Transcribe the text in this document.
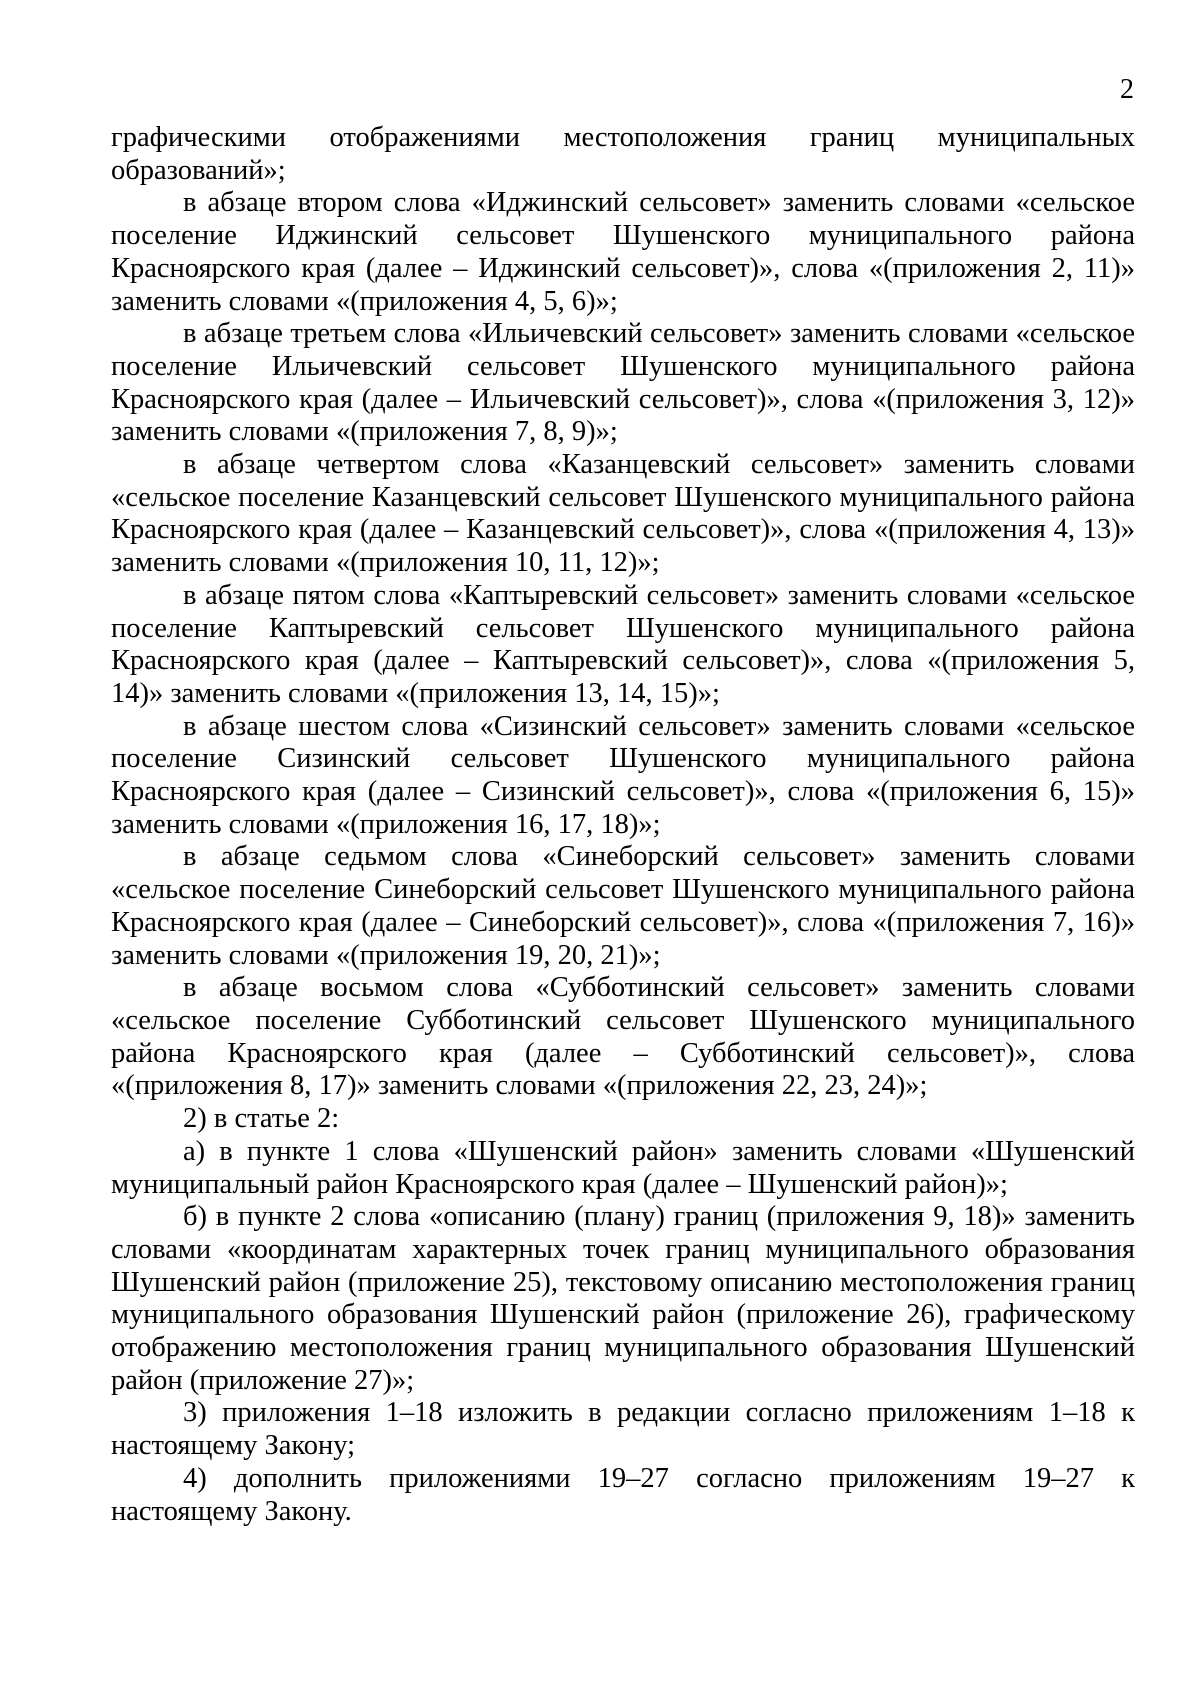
2

графическими отображениями местоположения границ муниципальных образований»;

в абзаце втором слова «Иджинский сельсовет» заменить словами «сельское поселение Иджинский сельсовет Шушенского муниципального района Красноярского края (далее – Иджинский сельсовет)», слова «(приложения 2, 11)» заменить словами «(приложения 4, 5, 6)»;

в абзаце третьем слова «Ильичевский сельсовет» заменить словами «сельское поселение Ильичевский сельсовет Шушенского муниципального района Красноярского края (далее – Ильичевский сельсовет)», слова «(приложения 3, 12)» заменить словами «(приложения 7, 8, 9)»;

в абзаце четвертом слова «Казанцевский сельсовет» заменить словами «сельское поселение Казанцевский сельсовет Шушенского муниципального района Красноярского края (далее – Казанцевский сельсовет)», слова «(приложения 4, 13)» заменить словами «(приложения 10, 11, 12)»;

в абзаце пятом слова «Каптыревский сельсовет» заменить словами «сельское поселение Каптыревский сельсовет Шушенского муниципального района Красноярского края (далее – Каптыревский сельсовет)», слова «(приложения 5, 14)» заменить словами «(приложения 13, 14, 15)»;

в абзаце шестом слова «Сизинский сельсовет» заменить словами «сельское поселение Сизинский сельсовет Шушенского муниципального района Красноярского края (далее – Сизинский сельсовет)», слова «(приложения 6, 15)» заменить словами «(приложения 16, 17, 18)»;

в абзаце седьмом слова «Синеборский сельсовет» заменить словами «сельское поселение Синеборский сельсовет Шушенского муниципального района Красноярского края (далее – Синеборский сельсовет)», слова «(приложения 7, 16)» заменить словами «(приложения 19, 20, 21)»;

в абзаце восьмом слова «Субботинский сельсовет» заменить словами «сельское поселение Субботинский сельсовет Шушенского муниципального района Красноярского края (далее – Субботинский сельсовет)», слова «(приложения 8, 17)» заменить словами «(приложения 22, 23, 24)»;

2) в статье 2:

а) в пункте 1 слова «Шушенский район» заменить словами «Шушенский муниципальный район Красноярского края (далее – Шушенский район)»;

б) в пункте 2 слова «описанию (плану) границ (приложения 9, 18)» заменить словами «координатам характерных точек границ муниципального образования Шушенский район (приложение 25), текстовому описанию местоположения границ муниципального образования Шушенский район (приложение 26), графическому отображению местоположения границ муниципального образования Шушенский район (приложение 27)»;

3) приложения 1–18 изложить в редакции согласно приложениям 1–18 к настоящему Закону;

4) дополнить приложениями 19–27 согласно приложениям 19–27 к настоящему Закону.
